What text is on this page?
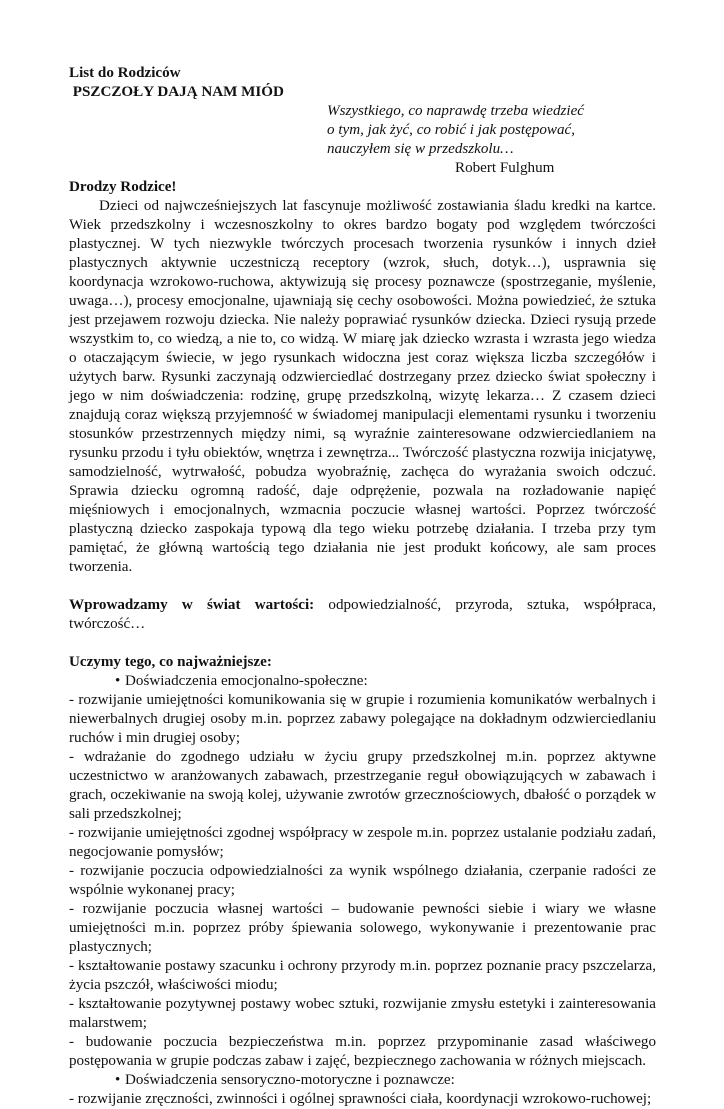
List do Rodziców
PSZCZOŁY DAJĄ NAM MIÓD
Wszystkiego, co naprawdę trzeba wiedzieć
o tym, jak żyć, co robić i jak postępować,
nauczyłem się w przedszkolu…
Robert Fulghum
Drodzy Rodzice!

Dzieci od najwcześniejszych lat fascynuje możliwość zostawiania śladu kredki na kartce. Wiek przedszkolny i wczesnoszkolny to okres bardzo bogaty pod względem twórczości plastycznej. W tych niezwykle twórczych procesach tworzenia rysunków i innych dzieł plastycznych aktywnie uczestniczą receptory (wzrok, słuch, dotyk…), usprawnia się koordynacja wzrokowo-ruchowa, aktywizują się procesy poznawcze (spostrzeganie, myślenie, uwaga…), procesy emocjonalne, ujawniają się cechy osobowości. Można powiedzieć, że sztuka jest przejawem rozwoju dziecka. Nie należy poprawiać rysunków dziecka. Dzieci rysują przede wszystkim to, co wiedzą, a nie to, co widzą. W miarę jak dziecko wzrasta i wzrasta jego wiedza o otaczającym świecie, w jego rysunkach widoczna jest coraz większa liczba szczegółów i użytych barw. Rysunki zaczynają odzwierciedlać dostrzegany przez dziecko świat społeczny i jego w nim doświadczenia: rodzinę, grupę przedszkolną, wizytę lekarza… Z czasem dzieci znajdują coraz większą przyjemność w świadomej manipulacji elementami rysunku i tworzeniu stosunków przestrzennych między nimi, są wyraźnie zainteresowane odzwierciedlaniem na rysunku przodu i tyłu obiektów, wnętrza i zewnętrza... Twórczość plastyczna rozwija inicjatywę, samodzielność, wytrwałość, pobudza wyobraźnię, zachęca do wyrażania swoich odczuć. Sprawia dziecku ogromną radość, daje odprężenie, pozwala na rozładowanie napięć mięśniowych i emocjonalnych, wzmacnia poczucie własnej wartości. Poprzez twórczość plastyczną dziecko zaspokaja typową dla tego wieku potrzebę działania. I trzeba przy tym pamiętać, że główną wartością tego działania nie jest produkt końcowy, ale sam proces tworzenia.

Wprowadzamy w świat wartości: odpowiedzialność, przyroda, sztuka, współpraca, twórczość…

Uczymy tego, co najważniejsze:

• Doświadczenia emocjonalno-społeczne:

- rozwijanie umiejętności komunikowania się w grupie i rozumienia komunikatów werbalnych i niewerbalnych drugiej osoby m.in. poprzez zabawy polegające na dokładnym odzwierciedlaniu ruchów i min drugiej osoby;

- wdrażanie do zgodnego udziału w życiu grupy przedszkolnej m.in. poprzez aktywne uczestnictwo w aranżowanych zabawach, przestrzeganie reguł obowiązujących w zabawach i grach, oczekiwanie na swoją kolej, używanie zwrotów grzecznościowych, dbałość o porządek w sali przedszkolnej;

- rozwijanie umiejętności zgodnej współpracy w zespole m.in. poprzez ustalanie podziału zadań, negocjowanie pomysłów;

- rozwijanie poczucia odpowiedzialności za wynik wspólnego działania, czerpanie radości ze wspólnie wykonanej pracy;

- rozwijanie poczucia własnej wartości – budowanie pewności siebie i wiary we własne umiejętności m.in. poprzez próby śpiewania solowego, wykonywanie i prezentowanie prac plastycznych;

- kształtowanie postawy szacunku i ochrony przyrody m.in. poprzez poznanie pracy pszczelarza, życia pszczół, właściwości miodu;

- kształtowanie pozytywnej postawy wobec sztuki, rozwijanie zmysłu estetyki i zainteresowania malarstwem;

- budowanie poczucia bezpieczeństwa m.in. poprzez przypominanie zasad właściwego postępowania w grupie podczas zabaw i zajęć, bezpiecznego zachowania w różnych miejscach.

• Doświadczenia sensoryczno-motoryczne i poznawcze:

- rozwijanie zręczności, zwinności i ogólnej sprawności ciała, koordynacji wzrokowo-ruchowej;
